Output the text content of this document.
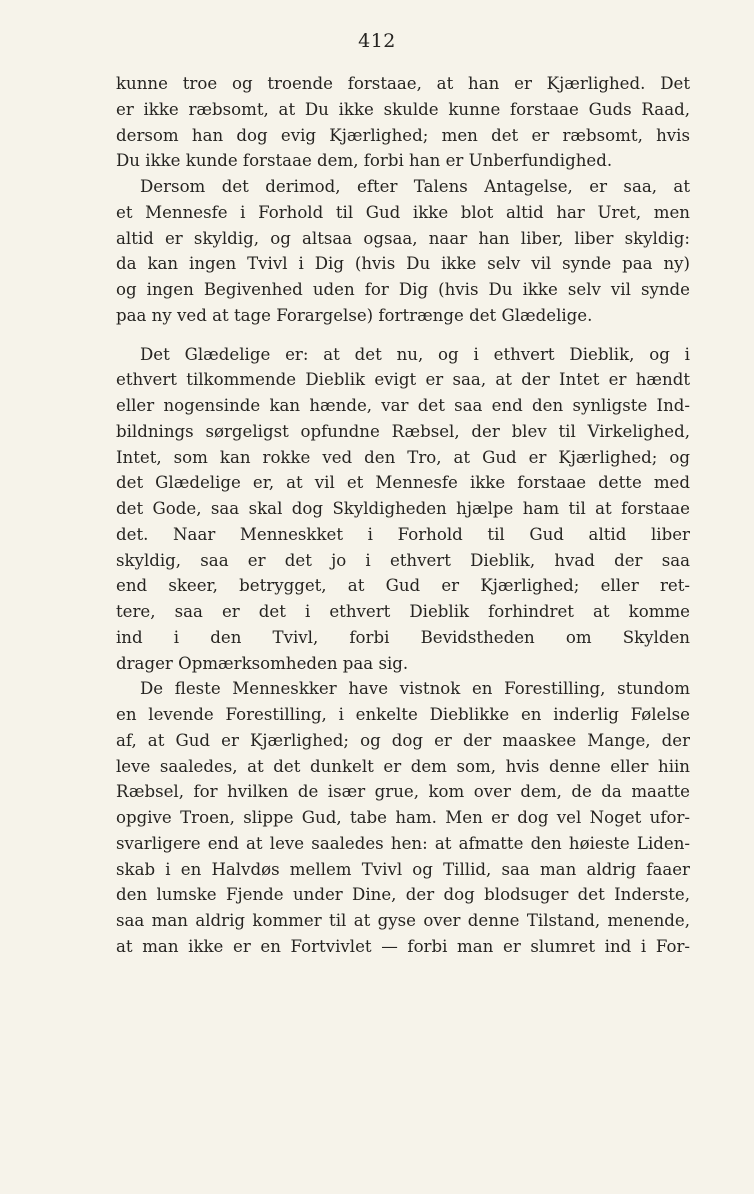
412
kunne troe og troende forstaae, at han er Kjærlighed. Det
er ikke ræbsomt, at Du ikke skulde kunne forstaae Guds Raad,
dersom han dog evig Kjærlighed; men det er ræbsomt, hvis
Du ikke kunde forstaae dem, forbi han er Unberfundighed.
Dersom det derimod, efter Talens Antagelse, er saa, at
et Mennesfe i Forhold til Gud ikke blot altid har Uret, men
altid er skyldig, og altsaa ogsaa, naar han liber, liber skyldig:
da kan ingen Tvivl i Dig (hvis Du ikke selv vil synde paa ny)
og ingen Begivenhed uden for Dig (hvis Du ikke selv vil synde
paa ny ved at tage Forargelse) fortrænge det Glædelige.
Det Glædelige er: at det nu, og i ethvert Dieblik, og i
ethvert tilkommende Dieblik evigt er saa, at der Intet er hændt
eller nogensinde kan hænde, var det saa end den synligste Ind-
bildnings sørgeligst opfundne Ræbsel, der blev til Virkelighed,
Intet, som kan rokke ved den Tro, at Gud er Kjærlighed; og
det Glædelige er, at vil et Mennesfe ikke forstaae dette med
det Gode, saa skal dog Skyldigheden hjælpe ham til at forstaae
det. Naar Menneskket i Forhold til Gud altid liber
skyldig, saa er det jo i ethvert Dieblik, hvad der saa
end skeer, betrygget, at Gud er Kjærlighed; eller ret-
tere, saa er det i ethvert Dieblik forhindret at komme
ind i den Tvivl, forbi Bevidstheden om Skylden
drager Opmærksomheden paa sig.
De fleste Menneskker have vistnok en Forestilling, stundom
en levende Forestilling, i enkelte Dieblikke en inderlig Følelse
af, at Gud er Kjærlighed; og dog er der maaskee Mange, der
leve saaledes, at det dunkelt er dem som, hvis denne eller hiin
Ræbsel, for hvilken de især grue, kom over dem, de da maatte
opgive Troen, slippe Gud, tabe ham. Men er dog vel Noget ufor-
svarligere end at leve saaledes hen: at afmatte den høieste Liden-
skab i en Halvdøs mellem Tvivl og Tillid, saa man aldrig faaer
den lumske Fjende under Dine, der dog blodsuger det Inderste,
saa man aldrig kommer til at gyse over denne Tilstand, menende,
at man ikke er en Fortvivlet — forbi man er slumret ind i For-
